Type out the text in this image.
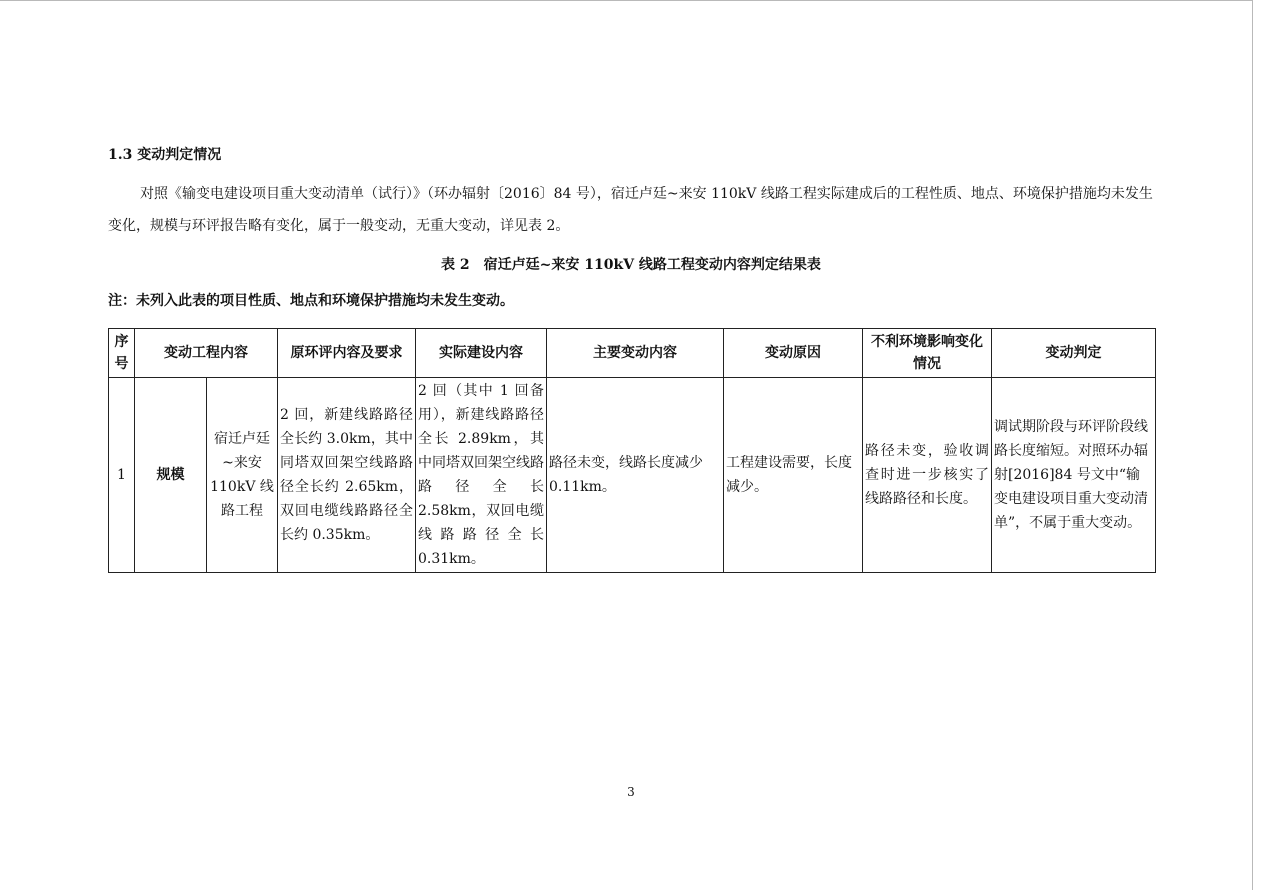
1.3 变动判定情况

对照《输变电建设项目重大变动清单（试行）》（环办辐射〔2016〕84 号），宿迁卢廷~来安 110kV 线路工程实际建成后的工程性质、地点、环境保护措施均未发生变化，规模与环评报告略有变化，属于一般变动，无重大变动，详见表 2。

表 2　宿迁卢廷~来安 110kV 线路工程变动内容判定结果表
注：未列入此表的项目性质、地点和环境保护措施均未发生变动。
序号	变动工程内容		原环评内容及要求	实际建设内容	主要变动内容	变动原因	不利环境影响变化情况	变动判定
1	规模	宿迁卢廷~来安110kV 线路工程	2 回，新建线路路径全长约 3.0km，其中同塔双回架空线路路径全长约 2.65km，双回电缆线路路径全长约 0.35km。	2 回（其中 1 回备用），新建线路路径全长 2.89km，其中同塔双回架空线路路径全长 2.58km，双回电缆线路路径全长 0.31km。	路径未变，线路长度减少 0.11km。	工程建设需要，长度减少。	路径未变，验收调查时进一步核实了线路路径和长度。	调试期阶段与环评阶段线路长度缩短。对照环办辐射[2016]84 号文中“输变电建设项目重大变动清单”，不属于重大变动。
3
